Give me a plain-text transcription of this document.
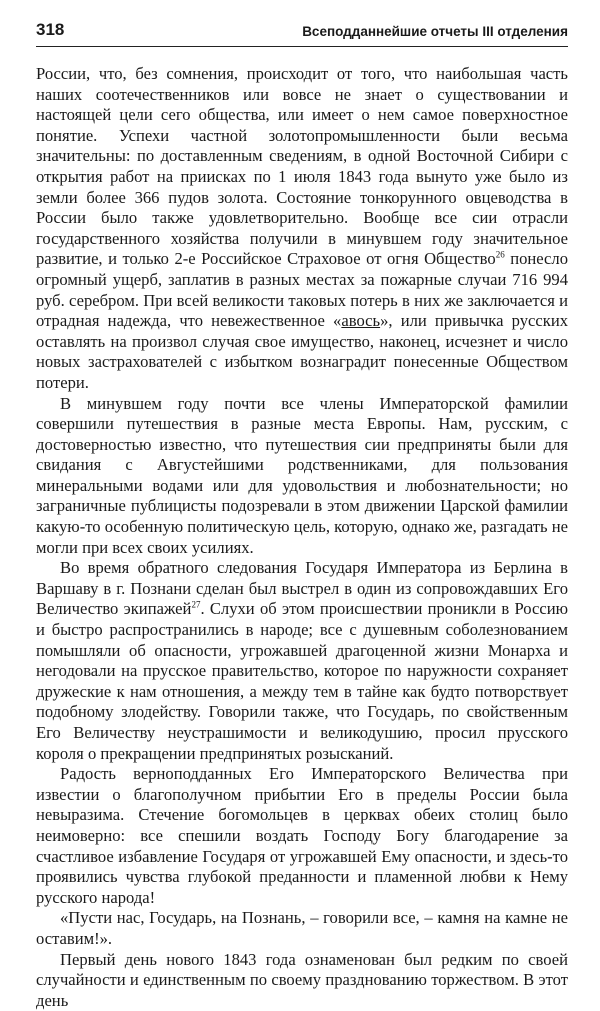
318	Всеподданнейшие отчеты III отделения

России, что, без сомнения, происходит от того, что наибольшая часть наших соотечественников или вовсе не знает о существовании и настоящей цели сего общества, или имеет о нем самое поверхностное понятие. Успехи частной золотопромышленности были весьма значительны: по доставленным сведениям, в одной Восточной Сибири с открытия работ на приисках по 1 июля 1843 года вынуто уже было из земли более 366 пудов золота. Состояние тонкорунного овцеводства в России было также удовлетворительно. Вообще все сии отрасли государственного хозяйства получили в минувшем году значительное развитие, и только 2-е Российское Страховое от огня Общество$^{26}$ понесло огромный ущерб, заплатив в разных местах за пожарные случаи 716 994 руб. серебром. При всей великости таковых потерь в них же заключается и отрадная надежда, что невежественное «авось», или привычка русских оставлять на произвол случая свое имущество, наконец, исчезнет и число новых застрахователей с избытком вознаградит понесенные Обществом потери.

В минувшем году почти все члены Императорской фамилии совершили путешествия в разные места Европы. Нам, русским, с достоверностью известно, что путешествия сии предприняты были для свидания с Августейшими родственниками, для пользования минеральными водами или для удовольствия и любознательности; но заграничные публицисты подозревали в этом движении Царской фамилии какую-то особенную политическую цель, которую, однако же, разгадать не могли при всех своих усилиях.

Во время обратного следования Государя Императора из Берлина в Варшаву в г. Познани сделан был выстрел в один из сопровождавших Его Величество экипажей$^{27}$. Слухи об этом происшествии проникли в Россию и быстро распространились в народе; все с душевным соболезнованием помышляли об опасности, угрожавшей драгоценной жизни Монарха и негодовали на прусское правительство, которое по наружности сохраняет дружеские к нам отношения, а между тем в тайне как будто потворствует подобному злодейству. Говорили также, что Государь, по свойственным Его Величеству неустрашимости и великодушию, просил прусского короля о прекращении предпринятых розысканий.

Радость верноподданных Его Императорского Величества при известии о благополучном прибытии Его в пределы России была невыразима. Стечение богомольцев в церквах обеих столиц было неимоверно: все спешили воздать Господу Богу благодарение за счастливое избавление Государя от угрожавшей Ему опасности, и здесь-то проявились чувства глубокой преданности и пламенной любви к Нему русского народа!

«Пусти нас, Государь, на Познань, – говорили все, – камня на камне не оставим!».

Первый день нового 1843 года ознаменован был редким по своей случайности и единственным по своему празднованию торжеством. В этот день
